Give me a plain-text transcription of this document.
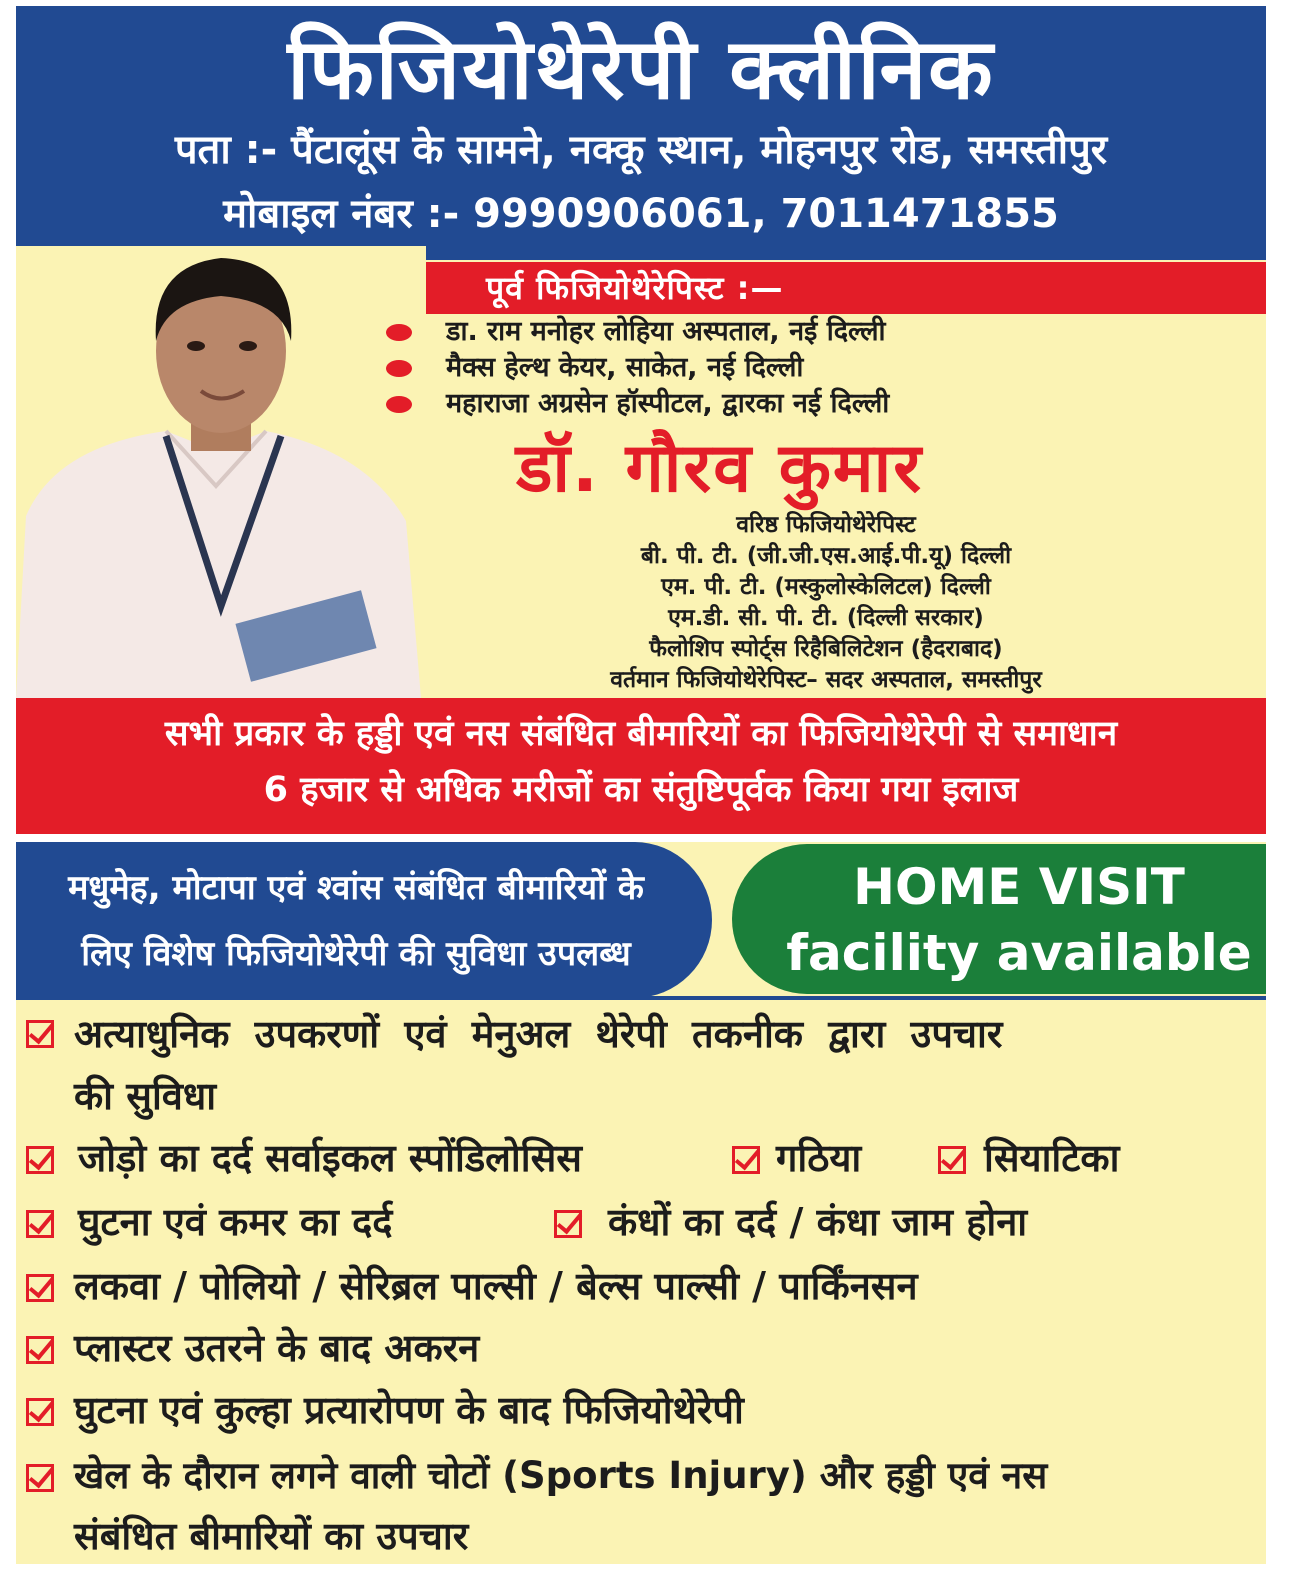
फिजियोथेरेपी क्लीनिक
पता :- पैंटालूंस के सामने, नक्कू स्थान, मोहनपुर रोड, समस्तीपुर
मोबाइल नंबर :- 9990906061, 7011471855
पूर्व फिजियोथेरेपिस्ट :—
डा. राम मनोहर लोहिया अस्पताल, नई दिल्ली
मैक्स हेल्थ केयर, साकेत, नई दिल्ली
महाराजा अग्रसेन हॉस्पीटल, द्वारका नई दिल्ली
डॉ. गौरव कुमार
वरिष्ठ फिजियोथेरेपिस्ट
बी. पी. टी. (जी.जी.एस.आई.पी.यू) दिल्ली
एम. पी. टी. (मस्कुलोस्केलिटल) दिल्ली
एम.डी. सी. पी. टी. (दिल्ली सरकार)
फैलोशिप स्पोर्ट्स रिहैबिलिटेशन (हैदराबाद)
वर्तमान फिजियोथेरेपिस्ट– सदर अस्पताल, समस्तीपुर
सभी प्रकार के हड्डी एवं नस संबंधित बीमारियों का फिजियोथेरेपी से समाधान
6 हजार से अधिक मरीजों का संतुष्टिपूर्वक किया गया इलाज
मधुमेह, मोटापा एवं श्वांस संबंधित बीमारियों के
लिए विशेष फिजियोथेरेपी की सुविधा उपलब्ध
HOME VISIT
facility available
अत्याधुनिक उपकरणों एवं मेनुअल थेरेपी तकनीक द्वारा उपचार
की सुविधा
जोड़ो का दर्द सर्वाइकल स्पोंडिलोसिस	गठिया	सियाटिका
घुटना एवं कमर का दर्द	कंधों का दर्द / कंधा जाम होना
लकवा / पोलियो / सेरिब्रल पाल्सी / बेल्स पाल्सी / पार्किंनसन
प्लास्टर उतरने के बाद अकरन
घुटना एवं कुल्हा प्रत्यारोपण के बाद फिजियोथेरेपी
खेल के दौरान लगने वाली चोटों (Sports Injury) और हड्डी एवं नस
संबंधित बीमारियों का उपचार
